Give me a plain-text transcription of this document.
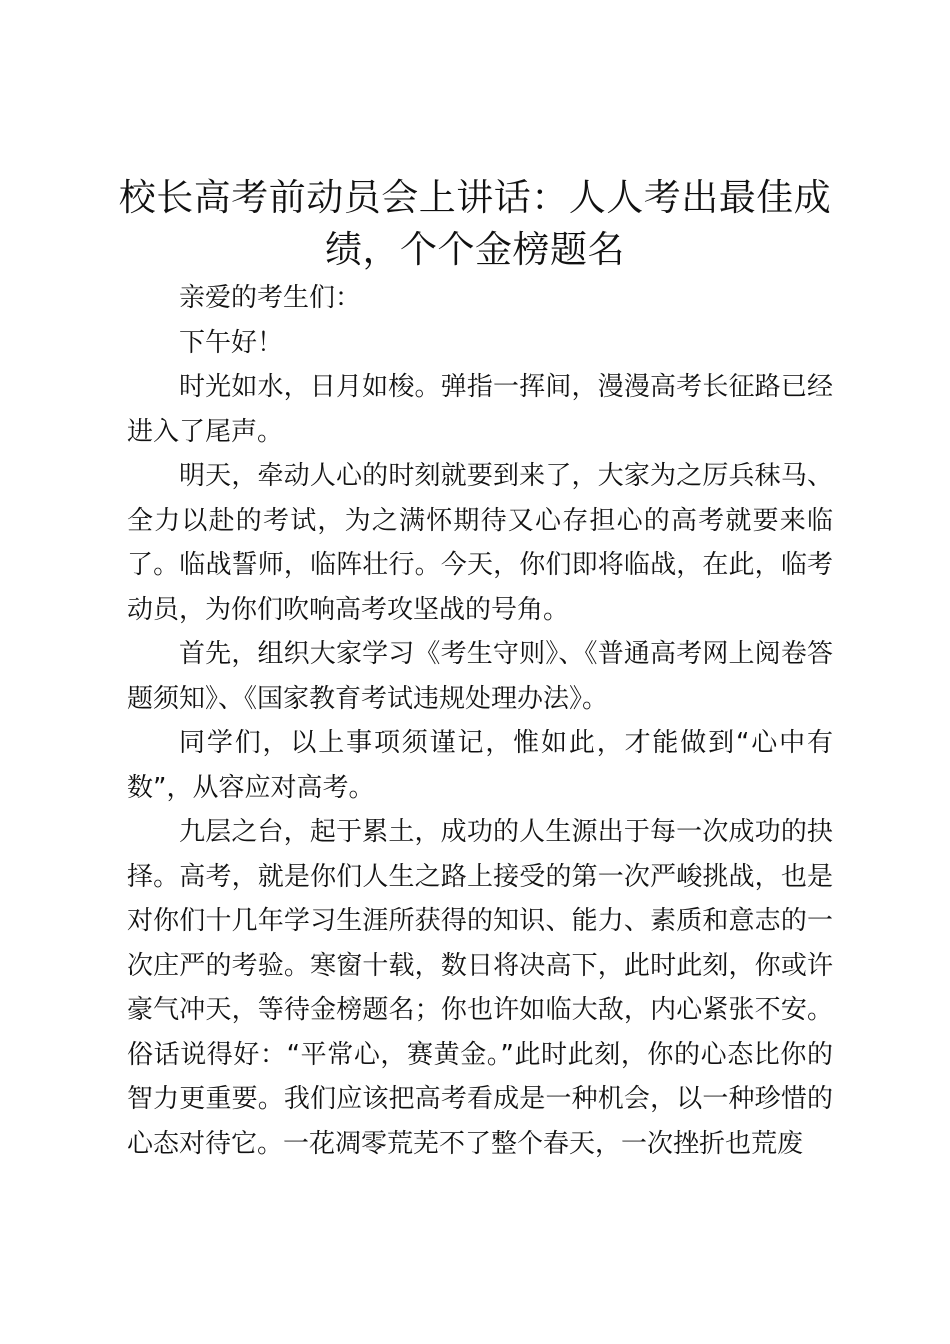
校长高考前动员会上讲话：人人考出最佳成绩，个个金榜题名

亲爱的考生们：

下午好！

时光如水，日月如梭。弹指一挥间，漫漫高考长征路已经进入了尾声。

明天，牵动人心的时刻就要到来了，大家为之厉兵秣马、全力以赴的考试，为之满怀期待又心存担心的高考就要来临了。临战誓师，临阵壮行。今天，你们即将临战，在此，临考动员，为你们吹响高考攻坚战的号角。

首先，组织大家学习《考生守则》、《普通高考网上阅卷答题须知》、《国家教育考试违规处理办法》。

同学们，以上事项须谨记，惟如此，才能做到“心中有数”，从容应对高考。

九层之台，起于累土，成功的人生源出于每一次成功的抉择。高考，就是你们人生之路上接受的第一次严峻挑战，也是对你们十几年学习生涯所获得的知识、能力、素质和意志的一次庄严的考验。寒窗十载，数日将决高下，此时此刻，你或许豪气冲天，等待金榜题名；你也许如临大敌，内心紧张不安。俗话说得好：“平常心，赛黄金。”此时此刻，你的心态比你的智力更重要。我们应该把高考看成是一种机会，以一种珍惜的心态对待它。一花凋零荒芜不了整个春天，一次挫折也荒废
